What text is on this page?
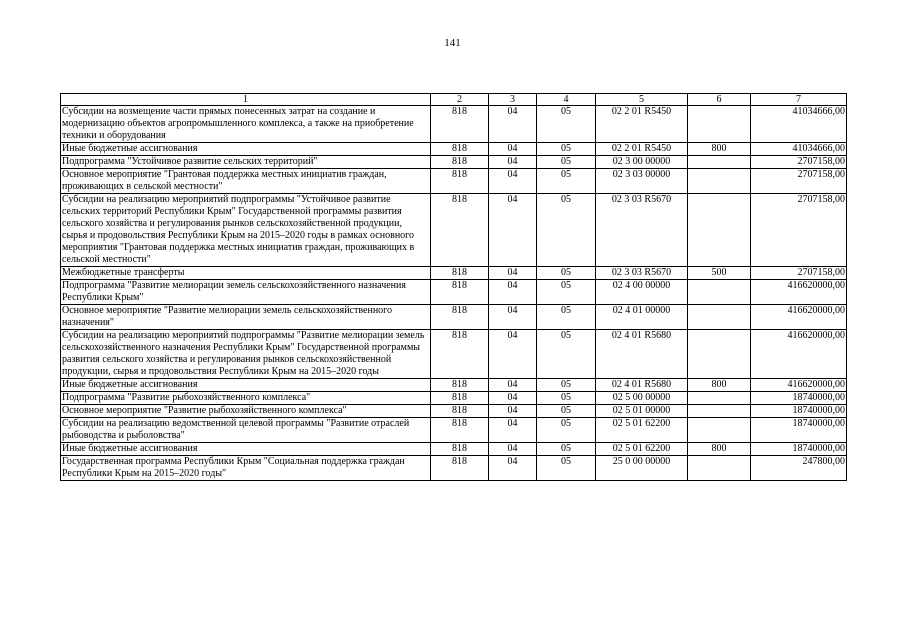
141
1	2	3	4	5	6	7
Субсидии на возмещение части прямых понесенных затрат на создание и модернизацию объектов агропромышленного комплекса, а также на приобретение техники и оборудования	818	04	05	02 2 01 R5450		41034666,00
Иные бюджетные ассигнования	818	04	05	02 2 01 R5450	800	41034666,00
Подпрограмма "Устойчивое развитие сельских территорий"	818	04	05	02 3 00 00000		2707158,00
Основное мероприятие "Грантовая поддержка местных инициатив граждан, проживающих в сельской местности"	818	04	05	02 3 03 00000		2707158,00
Субсидии на реализацию мероприятий подпрограммы "Устойчивое развитие сельских территорий Республики Крым" Государственной программы развития сельского хозяйства и регулирования рынков сельскохозяйственной продукции, сырья и продовольствия Республики Крым на 2015–2020 годы в рамках основного мероприятия "Грантовая поддержка местных инициатив граждан, проживающих в сельской местности"	818	04	05	02 3 03 R5670		2707158,00
Межбюджетные трансферты	818	04	05	02 3 03 R5670	500	2707158,00
Подпрограмма "Развитие мелиорации земель сельскохозяйственного назначения Республики Крым"	818	04	05	02 4 00 00000		416620000,00
Основное мероприятие "Развитие мелиорации земель сельскохозяйственного назначения"	818	04	05	02 4 01 00000		416620000,00
Субсидии на реализацию мероприятий подпрограммы "Развитие мелиорации земель сельскохозяйственного назначения Республики Крым" Государственной программы развития сельского хозяйства и регулирования рынков сельскохозяйственной продукции, сырья и продовольствия Республики Крым на 2015–2020 годы	818	04	05	02 4 01 R5680		416620000,00
Иные бюджетные ассигнования	818	04	05	02 4 01 R5680	800	416620000,00
Подпрограмма "Развитие рыбохозяйственного комплекса"	818	04	05	02 5 00 00000		18740000,00
Основное мероприятие "Развитие рыбохозяйственного комплекса"	818	04	05	02 5 01 00000		18740000,00
Субсидии на реализацию ведомственной целевой программы "Развитие отраслей рыбоводства и рыболовства"	818	04	05	02 5 01 62200		18740000,00
Иные бюджетные ассигнования	818	04	05	02 5 01 62200	800	18740000,00
Государственная программа Республики Крым "Социальная поддержка граждан Республики Крым на 2015–2020 годы"	818	04	05	25 0 00 00000		247800,00
